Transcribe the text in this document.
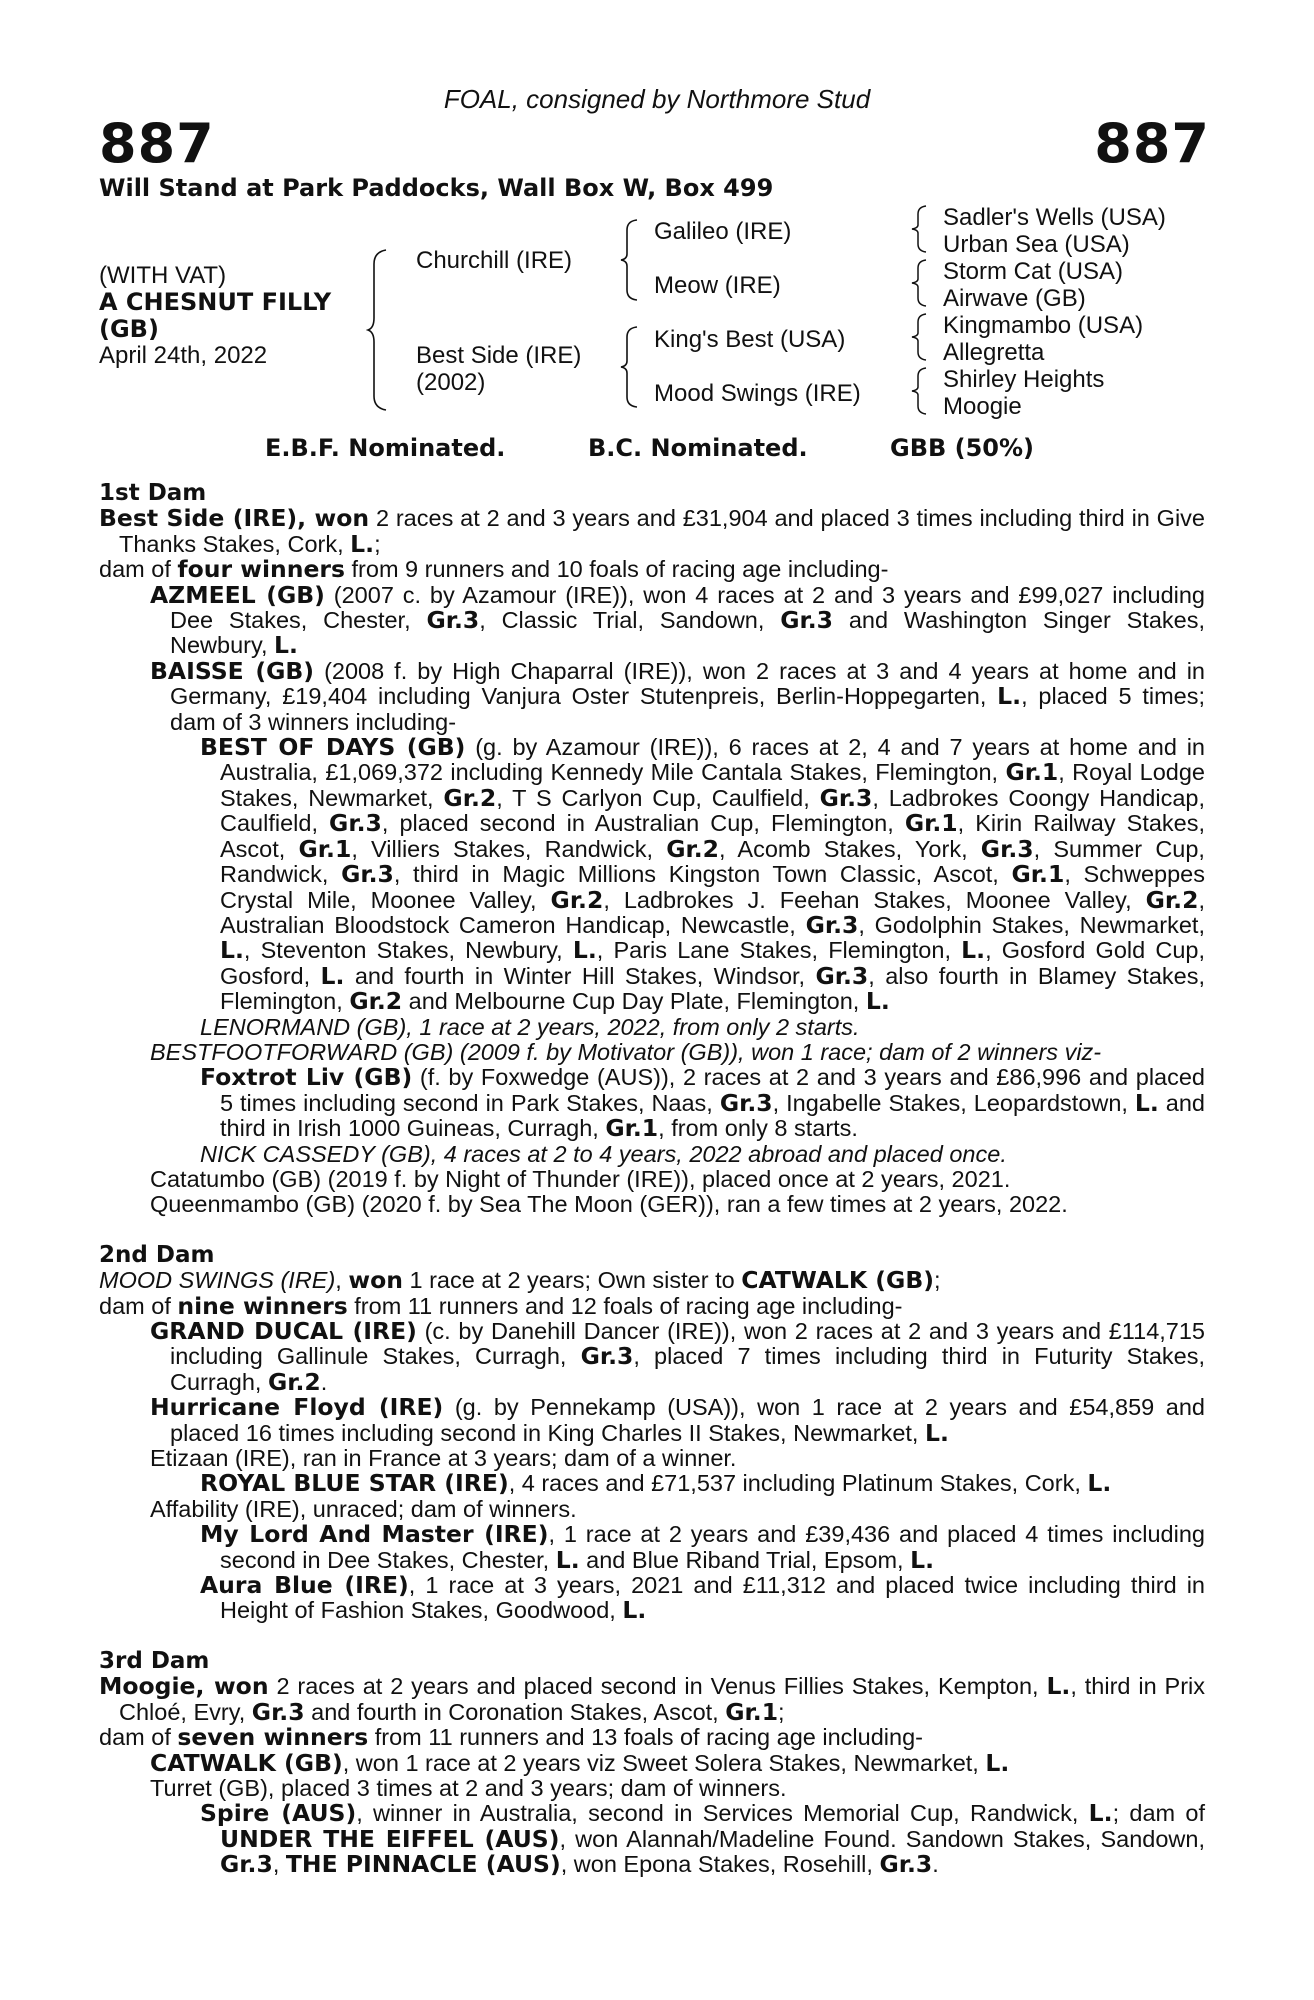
FOAL, consigned by Northmore Stud
887	887
Will Stand at Park Paddocks, Wall Box W, Box 499
(WITH VAT)
A CHESNUT FILLY
(GB)
April 24th, 2022
Churchill (IRE)
Best Side (IRE)
(2002)
Galileo (IRE)
Meow (IRE)
King's Best (USA)
Mood Swings (IRE)
Sadler's Wells (USA)
Urban Sea (USA)
Storm Cat (USA)
Airwave (GB)
Kingmambo (USA)
Allegretta
Shirley Heights
Moogie
E.B.F. Nominated.	B.C. Nominated.	GBB (50%)
1st Dam
Best Side (IRE), won 2 races at 2 and 3 years and £31,904 and placed 3 times including third in Give Thanks Stakes, Cork, L.;
dam of four winners from 9 runners and 10 foals of racing age including-
AZMEEL (GB) (2007 c. by Azamour (IRE)), won 4 races at 2 and 3 years and £99,027 including Dee Stakes, Chester, Gr.3, Classic Trial, Sandown, Gr.3 and Washington Singer Stakes, Newbury, L.
BAISSE (GB) (2008 f. by High Chaparral (IRE)), won 2 races at 3 and 4 years at home and in Germany, £19,404 including Vanjura Oster Stutenpreis, Berlin-Hoppegarten, L., placed 5 times; dam of 3 winners including-
BEST OF DAYS (GB) (g. by Azamour (IRE)), 6 races at 2, 4 and 7 years at home and in Australia, £1,069,372 including Kennedy Mile Cantala Stakes, Flemington, Gr.1, Royal Lodge Stakes, Newmarket, Gr.2, T S Carlyon Cup, Caulfield, Gr.3, Ladbrokes Coongy Handicap, Caulfield, Gr.3, placed second in Australian Cup, Flemington, Gr.1, Kirin Railway Stakes, Ascot, Gr.1, Villiers Stakes, Randwick, Gr.2, Acomb Stakes, York, Gr.3, Summer Cup, Randwick, Gr.3, third in Magic Millions Kingston Town Classic, Ascot, Gr.1, Schweppes Crystal Mile, Moonee Valley, Gr.2, Ladbrokes J. Feehan Stakes, Moonee Valley, Gr.2, Australian Bloodstock Cameron Handicap, Newcastle, Gr.3, Godolphin Stakes, Newmarket, L., Steventon Stakes, Newbury, L., Paris Lane Stakes, Flemington, L., Gosford Gold Cup, Gosford, L. and fourth in Winter Hill Stakes, Windsor, Gr.3, also fourth in Blamey Stakes, Flemington, Gr.2 and Melbourne Cup Day Plate, Flemington, L.
LENORMAND (GB), 1 race at 2 years, 2022, from only 2 starts.
BESTFOOTFORWARD (GB) (2009 f. by Motivator (GB)), won 1 race; dam of 2 winners viz-
Foxtrot Liv (GB) (f. by Foxwedge (AUS)), 2 races at 2 and 3 years and £86,996 and placed 5 times including second in Park Stakes, Naas, Gr.3, Ingabelle Stakes, Leopardstown, L. and third in Irish 1000 Guineas, Curragh, Gr.1, from only 8 starts.
NICK CASSEDY (GB), 4 races at 2 to 4 years, 2022 abroad and placed once.
Catatumbo (GB) (2019 f. by Night of Thunder (IRE)), placed once at 2 years, 2021.
Queenmambo (GB) (2020 f. by Sea The Moon (GER)), ran a few times at 2 years, 2022.
2nd Dam
MOOD SWINGS (IRE), won 1 race at 2 years; Own sister to CATWALK (GB);
dam of nine winners from 11 runners and 12 foals of racing age including-
GRAND DUCAL (IRE) (c. by Danehill Dancer (IRE)), won 2 races at 2 and 3 years and £114,715 including Gallinule Stakes, Curragh, Gr.3, placed 7 times including third in Futurity Stakes, Curragh, Gr.2.
Hurricane Floyd (IRE) (g. by Pennekamp (USA)), won 1 race at 2 years and £54,859 and placed 16 times including second in King Charles II Stakes, Newmarket, L.
Etizaan (IRE), ran in France at 3 years; dam of a winner.
ROYAL BLUE STAR (IRE), 4 races and £71,537 including Platinum Stakes, Cork, L.
Affability (IRE), unraced; dam of winners.
My Lord And Master (IRE), 1 race at 2 years and £39,436 and placed 4 times including second in Dee Stakes, Chester, L. and Blue Riband Trial, Epsom, L.
Aura Blue (IRE), 1 race at 3 years, 2021 and £11,312 and placed twice including third in Height of Fashion Stakes, Goodwood, L.
3rd Dam
Moogie, won 2 races at 2 years and placed second in Venus Fillies Stakes, Kempton, L., third in Prix Chloé, Evry, Gr.3 and fourth in Coronation Stakes, Ascot, Gr.1;
dam of seven winners from 11 runners and 13 foals of racing age including-
CATWALK (GB), won 1 race at 2 years viz Sweet Solera Stakes, Newmarket, L.
Turret (GB), placed 3 times at 2 and 3 years; dam of winners.
Spire (AUS), winner in Australia, second in Services Memorial Cup, Randwick, L.; dam of UNDER THE EIFFEL (AUS), won Alannah/Madeline Found. Sandown Stakes, Sandown, Gr.3, THE PINNACLE (AUS), won Epona Stakes, Rosehill, Gr.3.
